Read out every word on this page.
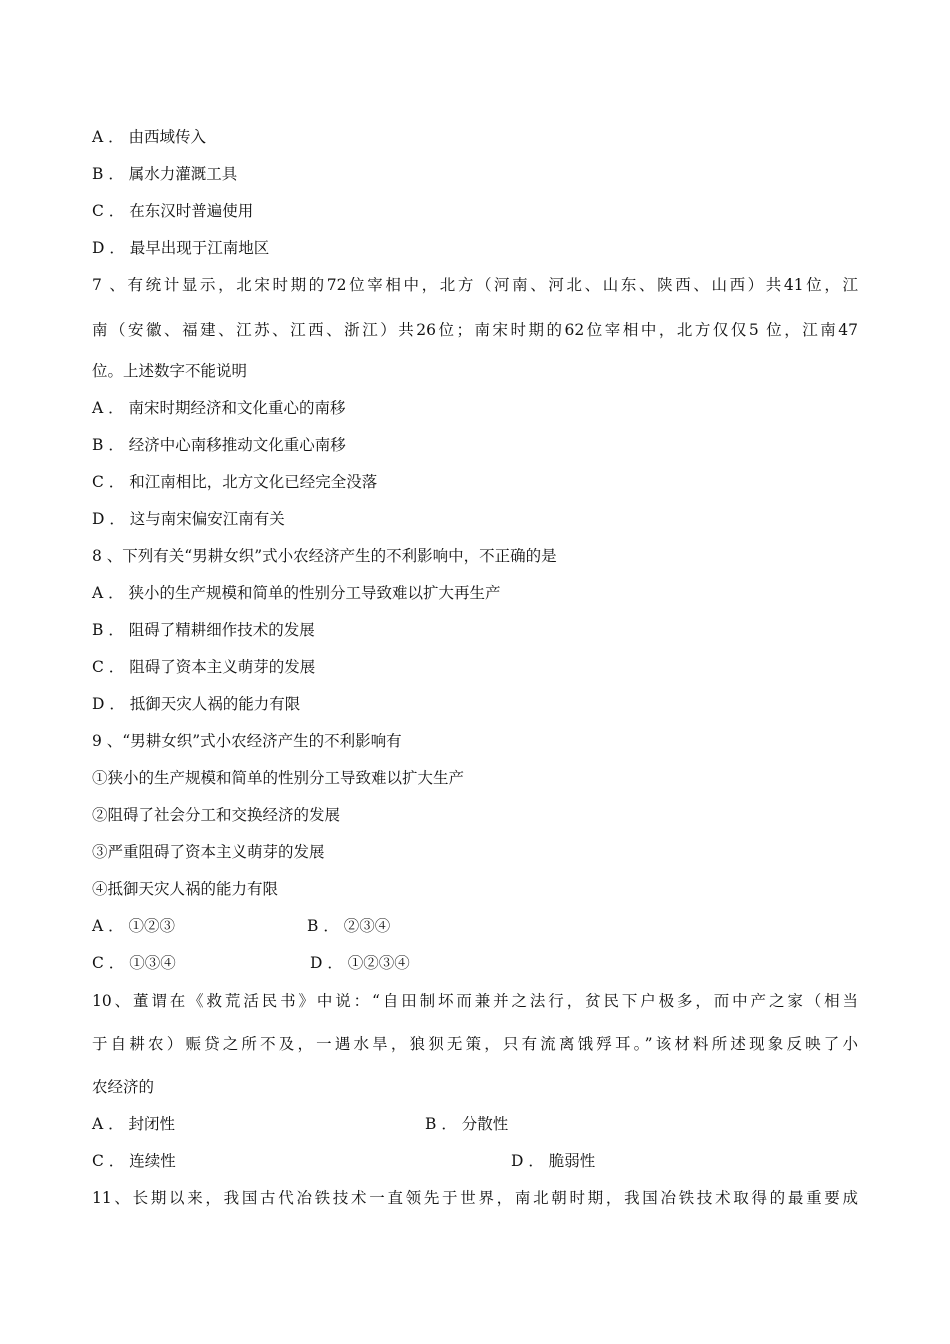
A ． 由西域传入
B ． 属水力灌溉工具
C ． 在东汉时普遍使用
D ． 最早出现于江南地区
7 、有统计显示，北宋时期的72位宰相中，北方（河南、河北、山东、陕西、山西）共41位，江
南（安徽、福建、江苏、江西、浙江）共26位；南宋时期的62位宰相中，北方仅仅5 位，江南47
位。上述数字不能说明
A ． 南宋时期经济和文化重心的南移
B ． 经济中心南移推动文化重心南移
C ． 和江南相比，北方文化已经完全没落
D ． 这与南宋偏安江南有关
8 、下列有关“男耕女织”式小农经济产生的不利影响中，不正确的是
A ． 狭小的生产规模和简单的性别分工导致难以扩大再生产
B ． 阻碍了精耕细作技术的发展
C ． 阻碍了资本主义萌芽的发展
D ． 抵御天灾人祸的能力有限
9 、“男耕女织”式小农经济产生的不利影响有
①狭小的生产规模和简单的性别分工导致难以扩大生产
②阻碍了社会分工和交换经济的发展
③严重阻碍了资本主义萌芽的发展
④抵御天灾人祸的能力有限
A ． ①②③	B ． ②③④
C ． ①③④	D ． ①②③④
10、董谓在《救荒活民书》中说：“自田制坏而兼并之法行，贫民下户极多，而中产之家（相当
于自耕农）赈贷之所不及，一遇水旱，狼狈无策，只有流离饿殍耳。”该材料所述现象反映了小
农经济的
A ． 封闭性	B ． 分散性
C ． 连续性	D ． 脆弱性
11、长期以来，我国古代冶铁技术一直领先于世界，南北朝时期，我国冶铁技术取得的最重要成
